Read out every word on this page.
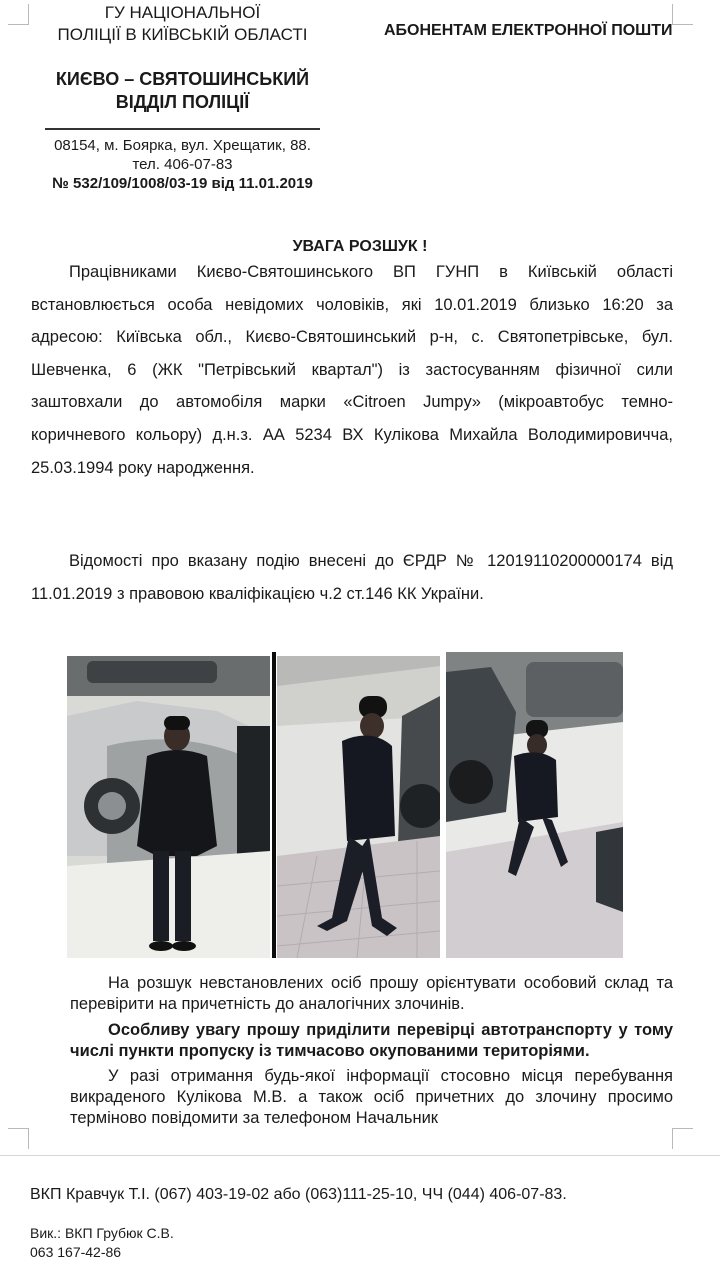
ГУ НАЦІОНАЛЬНОЇ
ПОЛІЦІЇ В КИЇВСЬКІЙ ОБЛАСТІ
КИЄВО – СВЯТОШИНСЬКИЙ
ВІДДІЛ ПОЛІЦІЇ
08154, м. Боярка, вул. Хрещатик, 88.
тел. 406-07-83
№ 532/109/1008/03-19 від 11.01.2019
АБОНЕНТАМ ЕЛЕКТРОННОЇ ПОШТИ
УВАГА РОЗШУК !
Працівниками Києво-Святошинського ВП ГУНП в Київській області встановлюється особа невідомих чоловіків, які 10.01.2019 близько 16:20 за адресою: Київська обл., Києво-Святошинський р-н, с. Святопетрівське, бул. Шевченка, 6 (ЖК "Петрівський квартал") із застосуванням фізичної сили заштовхали до автомобіля марки «Citroen Jumpy» (мікроавтобус темно-коричневого кольору) д.н.з. АА 5234 ВХ Кулікова Михайла Володимировичча, 25.03.1994 року народження.
Відомості про вказану подію внесені до ЄРДР № 12019110200000174 від 11.01.2019 з правовою кваліфікацією ч.2 ст.146 КК України.
На розшук невстановлених осіб прошу орієнтувати особовий склад та перевірити на причетність до аналогічних злочинів.
Особливу увагу прошу приділити перевірці автотранспорту у тому числі пункти пропуску із тимчасово окупованими територіями.
У разі отримання будь-якої інформації стосовно місця перебування викраденого Кулікова М.В. а також осіб причетних до злочину просимо терміново повідомити за телефоном Начальник
ВКП Кравчук Т.І. (067) 403-19-02 або (063)111-25-10, ЧЧ (044) 406-07-83.
Вик.: ВКП Грубюк С.В.
063 167-42-86
